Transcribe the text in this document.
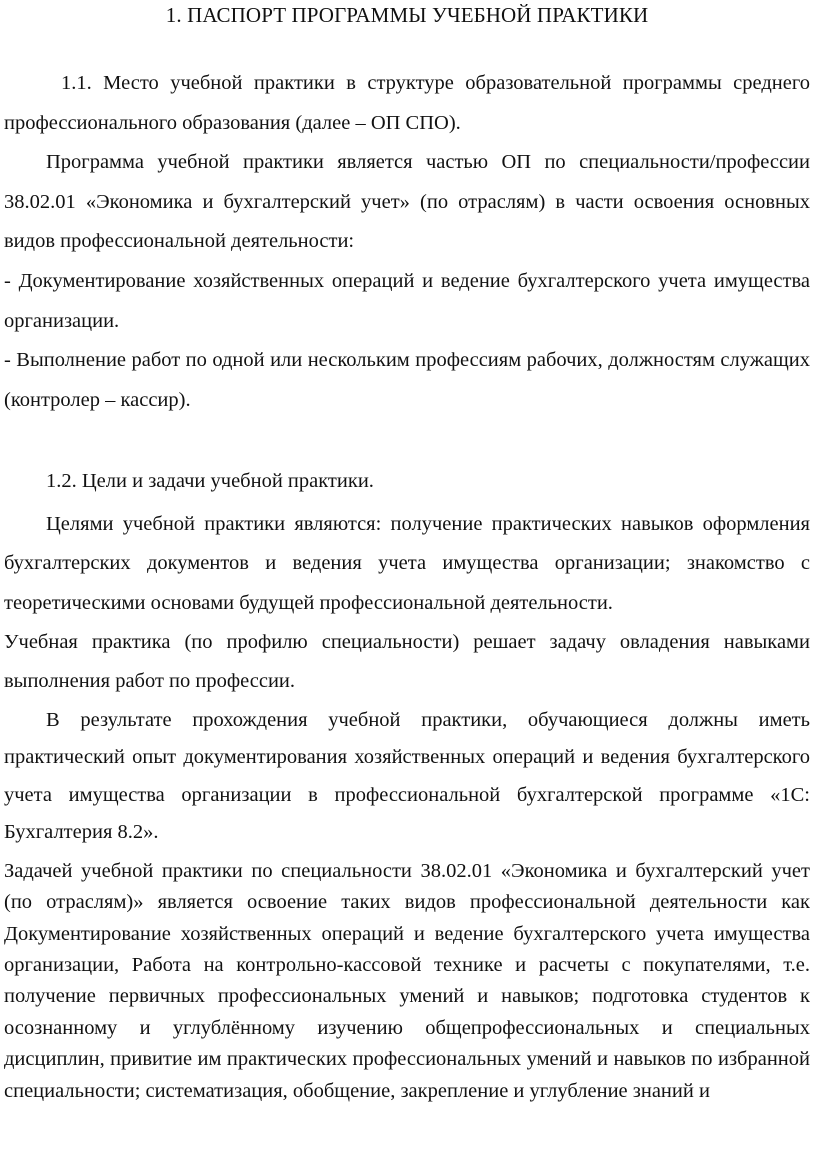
1. ПАСПОРТ ПРОГРАММЫ УЧЕБНОЙ ПРАКТИКИ

1.1. Место учебной практики в структуре образовательной программы среднего профессионального образования (далее – ОП СПО).

Программа учебной практики является частью ОП по специальности/профессии 38.02.01 «Экономика и бухгалтерский учет» (по отраслям) в части освоения основных видов профессиональной деятельности:

- Документирование хозяйственных операций и ведение бухгалтерского учета имущества организации.

- Выполнение работ по одной или нескольким профессиям рабочих, должностям служащих (контролер – кассир).

1.2. Цели и задачи учебной практики.

Целями учебной практики являются: получение практических навыков оформления бухгалтерских документов и ведения учета имущества организации; знакомство с теоретическими основами будущей профессиональной деятельности.

Учебная практика (по профилю специальности) решает задачу овладения навыками выполнения работ по профессии.

В результате прохождения учебной практики, обучающиеся должны иметь практический опыт документирования хозяйственных операций и ведения бухгалтерского учета имущества организации в профессиональной бухгалтерской программе «1С: Бухгалтерия 8.2».

Задачей учебной практики по специальности 38.02.01 «Экономика и бухгалтерский учет (по отраслям)» является освоение таких видов профессиональной деятельности как Документирование хозяйственных операций и ведение бухгалтерского учета имущества организации, Работа на контрольно-кассовой технике и расчеты с покупателями, т.е. получение первичных профессиональных умений и навыков; подготовка студентов к осознанному и углублённому изучению общепрофессиональных и специальных дисциплин, привитие им практических профессиональных умений и навыков по избранной специальности; систематизация, обобщение, закрепление и углубление знаний и
